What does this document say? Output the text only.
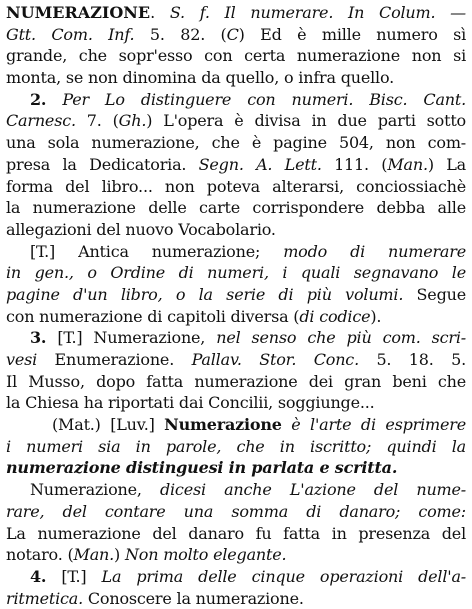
NUMERAZIONE. S. f. Il numerare. In Colum. —
Gtt. Com. Inf. 5. 82. (C) Ed è mille numero sì
grande, che sopr'esso con certa numerazione non si
monta, se non dinomina da quello, o infra quello.
2. Per Lo distinguere con numeri. Bisc. Cant.
Carnesc. 7. (Gh.) L'opera è divisa in due parti sotto
una sola numerazione, che è pagine 504, non com-
presa la Dedicatoria. Segn. A. Lett. 111. (Man.) La
forma del libro... non poteva alterarsi, conciossiachè
la numerazione delle carte corrispondere debba alle
allegazioni del nuovo Vocabolario.
[T.] Antica numerazione; modo di numerare
in gen., o Ordine di numeri, i quali segnavano le
pagine d'un libro, o la serie di più volumi. Segue
con numerazione di capitoli diversa (di codice).
3. [T.] Numerazione, nel senso che più com. scri-
vesi Enumerazione. Pallav. Stor. Conc. 5. 18. 5.
Il Musso, dopo fatta numerazione dei gran beni che
la Chiesa ha riportati dai Concilii, soggiunge...
(Mat.) [Luv.] Numerazione è l'arte di esprimere
i numeri sia in parole, che in iscritto; quindi la
numerazione distinguesi in parlata e scritta.
Numerazione, dicesi anche L'azione del nume-
rare, del contare una somma di danaro; come:
La numerazione del danaro fu fatta in presenza del
notaro. (Man.) Non molto elegante.
4. [T.] La prima delle cinque operazioni dell'a-
ritmetica. Conoscere la numerazione.
